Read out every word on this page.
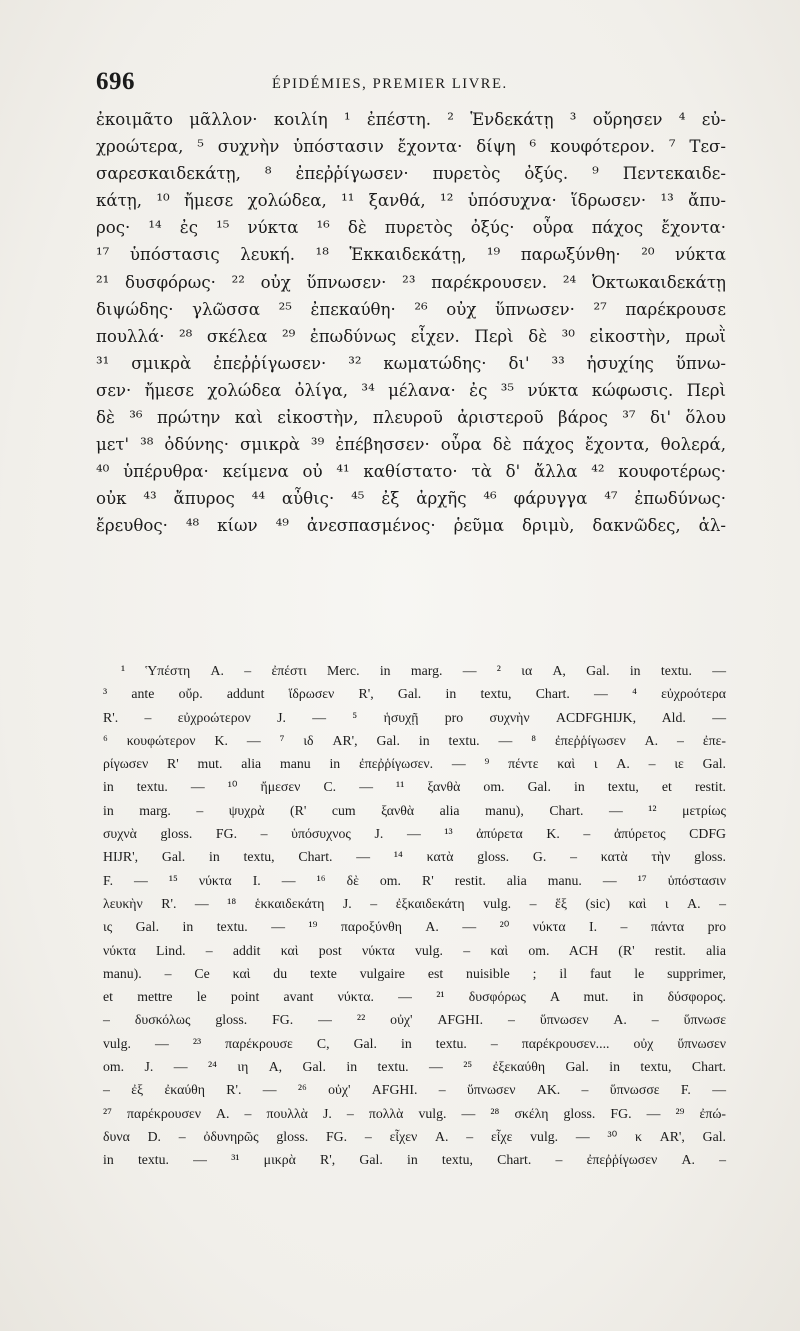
696	ÉPIDÉMIES, PREMIER LIVRE.
ἐκοιμᾶτο μᾶλλον· κοιλίη ¹ ἐπέστη. ² Ἑνδεκάτῃ ³ οὔρησεν ⁴ εὐ-
χροώτερα, ⁵ συχνὴν ὑπόστασιν ἔχοντα· δίψη ⁶ κουφότερον. ⁷ Τεσ-
σαρεσκαιδεκάτῃ, ⁸ ἐπεῤῥίγωσεν· πυρετὸς ὀξύς. ⁹ Πεντεκαιδε-
κάτῃ, ¹⁰ ἤμεσε χολώδεα, ¹¹ ξανθά, ¹² ὑπόσυχνα· ἵδρωσεν· ¹³ ἄπυ-
ρος· ¹⁴ ἐς ¹⁵ νύκτα ¹⁶ δὲ πυρετὸς ὀξύς· οὖρα πάχος ἔχοντα·
¹⁷ ὑπόστασις λευκή. ¹⁸ Ἑκκαιδεκάτῃ, ¹⁹ παρωξύνθη· ²⁰ νύκτα
²¹ δυσφόρως· ²² οὐχ ὕπνωσεν· ²³ παρέκρουσεν. ²⁴ Ὀκτωκαιδεκάτῃ
διψώδης· γλῶσσα ²⁵ ἐπεκαύθη· ²⁶ οὐχ ὕπνωσεν· ²⁷ παρέκρουσε
πουλλά· ²⁸ σκέλεα ²⁹ ἐπωδύνως εἶχεν. Περὶ δὲ ³⁰ εἰκοστὴν, πρωῒ
³¹ σμικρὰ ἐπεῤῥίγωσεν· ³² κωματώδης· δι' ³³ ἡσυχίης ὕπνω-
σεν· ἤμεσε χολώδεα ὀλίγα, ³⁴ μέλανα· ἐς ³⁵ νύκτα κώφωσις. Περὶ
δὲ ³⁶ πρώτην καὶ εἰκοστὴν, πλευροῦ ἀριστεροῦ βάρος ³⁷ δι' ὅλου
μετ' ³⁸ ὀδύνης· σμικρὰ ³⁹ ἐπέβησσεν· οὖρα δὲ πάχος ἔχοντα, θολερά,
⁴⁰ ὑπέρυθρα· κείμενα οὐ ⁴¹ καθίστατο· τὰ δ' ἄλλα ⁴² κουφοτέρως·
οὐκ ⁴³ ἄπυρος ⁴⁴ αὖθις· ⁴⁵ ἐξ ἀρχῆς ⁴⁶ φάρυγγα ⁴⁷ ἐπωδύνως·
ἔρευθος· ⁴⁸ κίων ⁴⁹ ἀνεσπασμένος· ῥεῦμα δριμὺ, δακνῶδες, ἁλ-
¹ Ὑπέστη A. – ἐπέστι Merc. in marg. — ² ια A, Gal. in textu. —
³ ante οὔρ. addunt ἵδρωσεν R', Gal. in textu, Chart. — ⁴ εὐχροότερα
R'. – εὐχροώτερον J. — ⁵ ἡσυχῇ pro συχνὴν ACDFGHIJK, Ald. —
⁶ κουφώτερον K. — ⁷ ιδ AR', Gal. in textu. — ⁸ ἐπεῤῥίγωσεν A. – ἐπε-
ρίγωσεν R' mut. alia manu in ἐπεῤῥίγωσεν. — ⁹ πέντε καὶ ι A. – ιε Gal.
in textu. — ¹⁰ ἤμεσεν C. — ¹¹ ξανθὰ om. Gal. in textu, et restit.
in marg. – ψυχρὰ (R' cum ξανθὰ alia manu), Chart. — ¹² μετρίως
συχνὰ gloss. FG. – ὑπόσυχνος J. — ¹³ ἀπύρετα K. – ἀπύρετος CDFG
HIJR', Gal. in textu, Chart. — ¹⁴ κατὰ gloss. G. – κατὰ τὴν gloss.
F. — ¹⁵ νύκτα I. — ¹⁶ δὲ om. R' restit. alia manu. — ¹⁷ ὑπόστασιν
λευκὴν R'. — ¹⁸ ἑκκαιδεκάτη J. – ἐξκαιδεκάτη vulg. – ἕξ (sic) καὶ ι A. –
ις Gal. in textu. — ¹⁹ παροξύνθη A. — ²⁰ νύκτα I. – πάντα pro
νύκτα Lind. – addit καὶ post νύκτα vulg. – καὶ om. ACH (R' restit. alia
manu). – Ce καὶ du texte vulgaire est nuisible ; il faut le supprimer,
et mettre le point avant νύκτα. — ²¹ δυσφόρως A mut. in δύσφορος.
– δυσκόλως gloss. FG. — ²² οὐχ' AFGHI. – ὕπνωσεν A. – ὕπνωσε
vulg. — ²³ παρέκρουσε C, Gal. in textu. – παρέκρουσεν.... οὐχ ὕπνωσεν
om. J. — ²⁴ ιη A, Gal. in textu. — ²⁵ ἐξεκαύθη Gal. in textu, Chart.
– ἐξ ἐκαύθη R'. — ²⁶ οὐχ' AFGHI. – ὕπνωσεν AK. – ὕπνωσσε F. —
²⁷ παρέκρουσεν A. – πουλλὰ J. – πολλὰ vulg. — ²⁸ σκέλη gloss. FG. — ²⁹ ἐπώ-
δυνα D. – ὀδυνηρῶς gloss. FG. – εἶχεν A. – εἶχε vulg. — ³⁰ κ AR', Gal.
in textu. — ³¹ μικρὰ R', Gal. in textu, Chart. – ἐπεῤῥίγωσεν A. –
